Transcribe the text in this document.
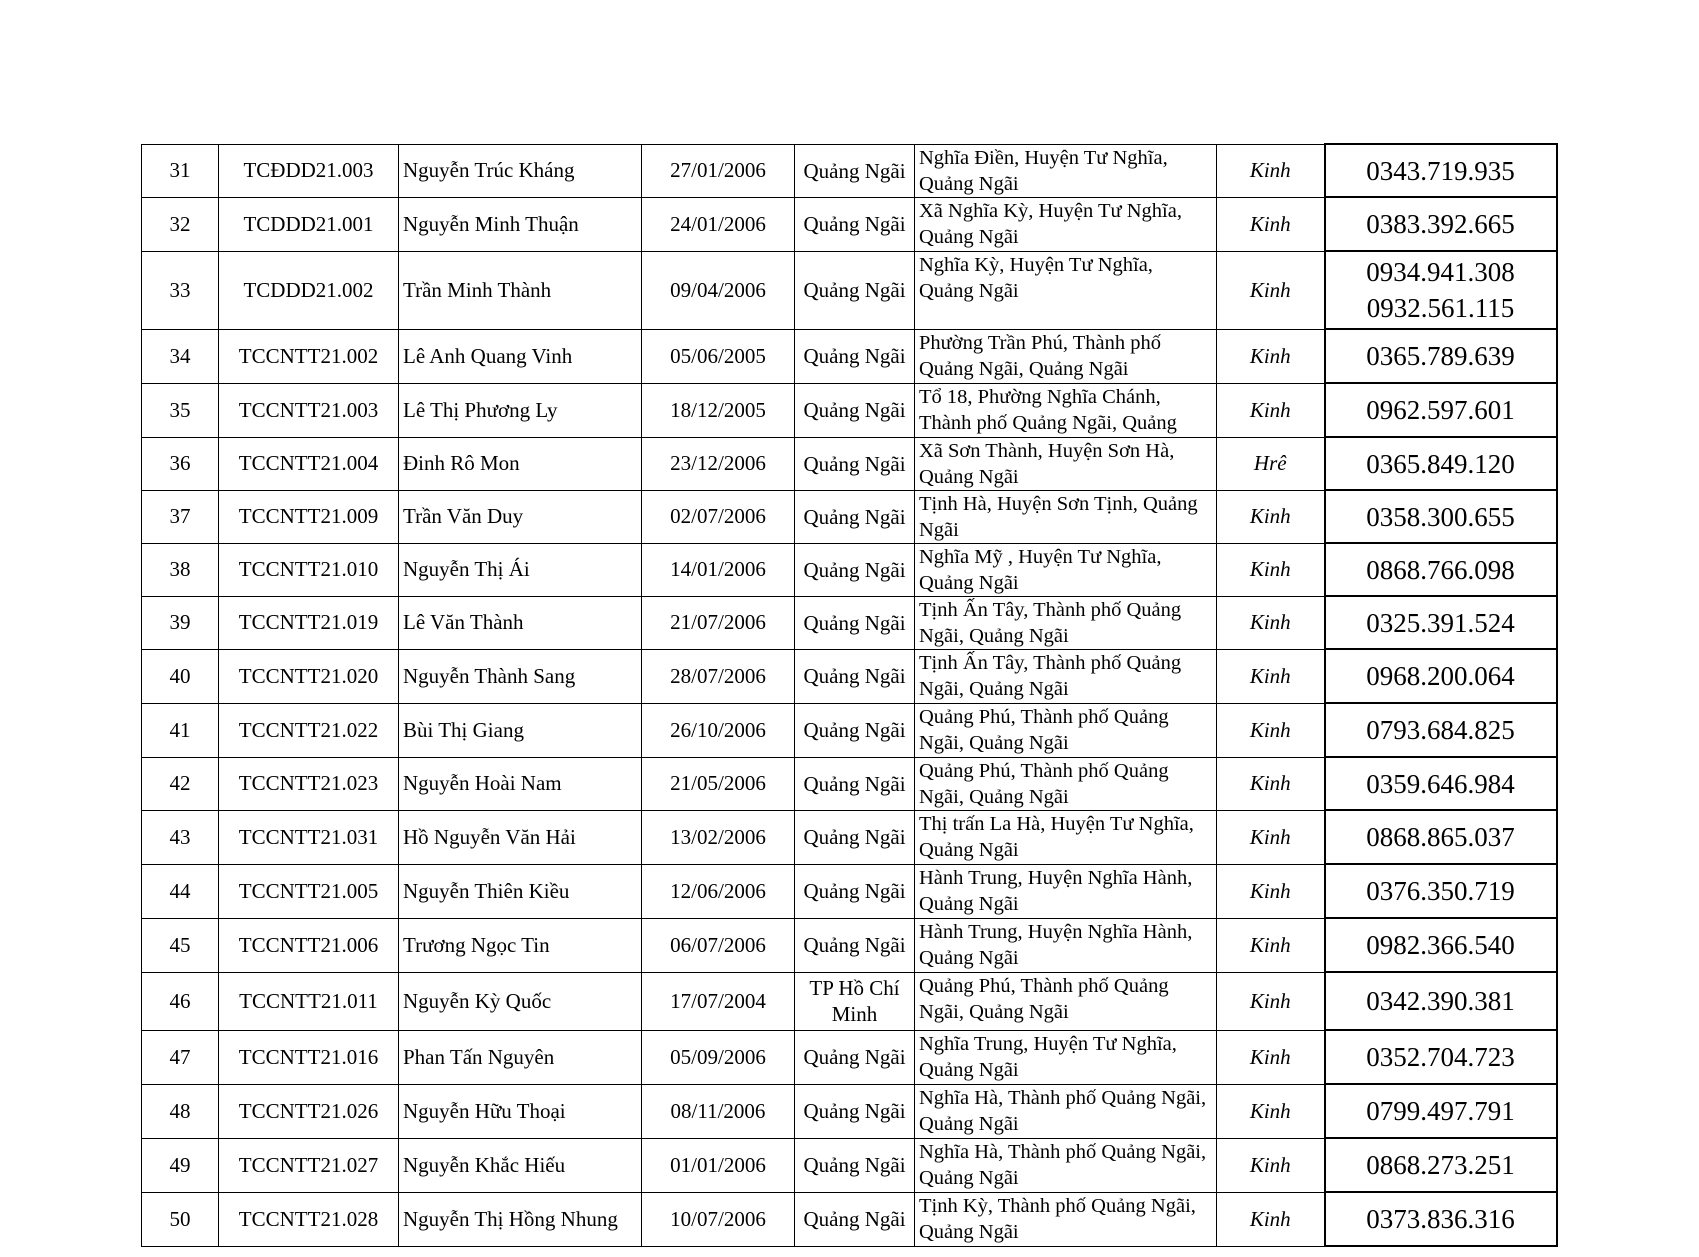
31	TCĐDD21.003	Nguyễn Trúc Kháng	27/01/2006	Quảng Ngãi	Nghĩa Điền, Huyện Tư Nghĩa, Quảng Ngãi	Kinh	0343.719.935

32	TCDDD21.001	Nguyễn Minh Thuận	24/01/2006	Quảng Ngãi	Xã Nghĩa Kỳ, Huyện Tư Nghĩa, Quảng Ngãi	Kinh	0383.392.665

33	TCDDD21.002	Trần Minh Thành	09/04/2006	Quảng Ngãi	Nghĩa Kỳ, Huyện Tư Nghĩa, Quảng Ngãi	Kinh	0934.941.308
0932.561.115

34	TCCNTT21.002	Lê Anh Quang Vinh	05/06/2005	Quảng Ngãi	Phường Trần Phú, Thành phố Quảng Ngãi, Quảng Ngãi	Kinh	0365.789.639

35	TCCNTT21.003	Lê Thị Phương Ly	18/12/2005	Quảng Ngãi	Tổ 18, Phường Nghĩa Chánh, Thành phố Quảng Ngãi, Quảng	Kinh	0962.597.601

36	TCCNTT21.004	Đinh Rô Mon	23/12/2006	Quảng Ngãi	Xã Sơn Thành, Huyện Sơn Hà, Quảng Ngãi	Hrê	0365.849.120

37	TCCNTT21.009	Trần Văn Duy	02/07/2006	Quảng Ngãi	Tịnh Hà, Huyện Sơn Tịnh, Quảng Ngãi	Kinh	0358.300.655

38	TCCNTT21.010	Nguyễn Thị Ái	14/01/2006	Quảng Ngãi	Nghĩa Mỹ , Huyện Tư Nghĩa, Quảng Ngãi	Kinh	0868.766.098

39	TCCNTT21.019	Lê Văn Thành	21/07/2006	Quảng Ngãi	Tịnh Ấn Tây, Thành phố Quảng Ngãi, Quảng Ngãi	Kinh	0325.391.524

40	TCCNTT21.020	Nguyễn Thành Sang	28/07/2006	Quảng Ngãi	Tịnh Ấn Tây, Thành phố Quảng Ngãi, Quảng Ngãi	Kinh	0968.200.064

41	TCCNTT21.022	Bùi Thị Giang	26/10/2006	Quảng Ngãi	Quảng Phú, Thành phố Quảng Ngãi, Quảng Ngãi	Kinh	0793.684.825

42	TCCNTT21.023	Nguyễn Hoài Nam	21/05/2006	Quảng Ngãi	Quảng Phú, Thành phố Quảng Ngãi, Quảng Ngãi	Kinh	0359.646.984

43	TCCNTT21.031	Hồ Nguyễn Văn Hải	13/02/2006	Quảng Ngãi	Thị trấn La Hà, Huyện Tư Nghĩa, Quảng Ngãi	Kinh	0868.865.037

44	TCCNTT21.005	Nguyễn Thiên Kiều	12/06/2006	Quảng Ngãi	Hành Trung, Huyện Nghĩa Hành, Quảng Ngãi	Kinh	0376.350.719

45	TCCNTT21.006	Trương Ngọc Tin	06/07/2006	Quảng Ngãi	Hành Trung, Huyện Nghĩa Hành, Quảng Ngãi	Kinh	0982.366.540

46	TCCNTT21.011	Nguyễn Kỳ Quốc	17/07/2004	TP Hồ Chí Minh	Quảng Phú, Thành phố Quảng Ngãi, Quảng Ngãi	Kinh	0342.390.381

47	TCCNTT21.016	Phan Tấn Nguyên	05/09/2006	Quảng Ngãi	Nghĩa Trung, Huyện Tư Nghĩa, Quảng Ngãi	Kinh	0352.704.723

48	TCCNTT21.026	Nguyễn Hữu Thoại	08/11/2006	Quảng Ngãi	Nghĩa Hà, Thành phố Quảng Ngãi, Quảng Ngãi	Kinh	0799.497.791

49	TCCNTT21.027	Nguyễn Khắc Hiếu	01/01/2006	Quảng Ngãi	Nghĩa Hà, Thành phố Quảng Ngãi, Quảng Ngãi	Kinh	0868.273.251

50	TCCNTT21.028	Nguyễn Thị Hồng Nhung	10/07/2006	Quảng Ngãi	Tịnh Kỳ, Thành phố Quảng Ngãi, Quảng Ngãi	Kinh	0373.836.316
